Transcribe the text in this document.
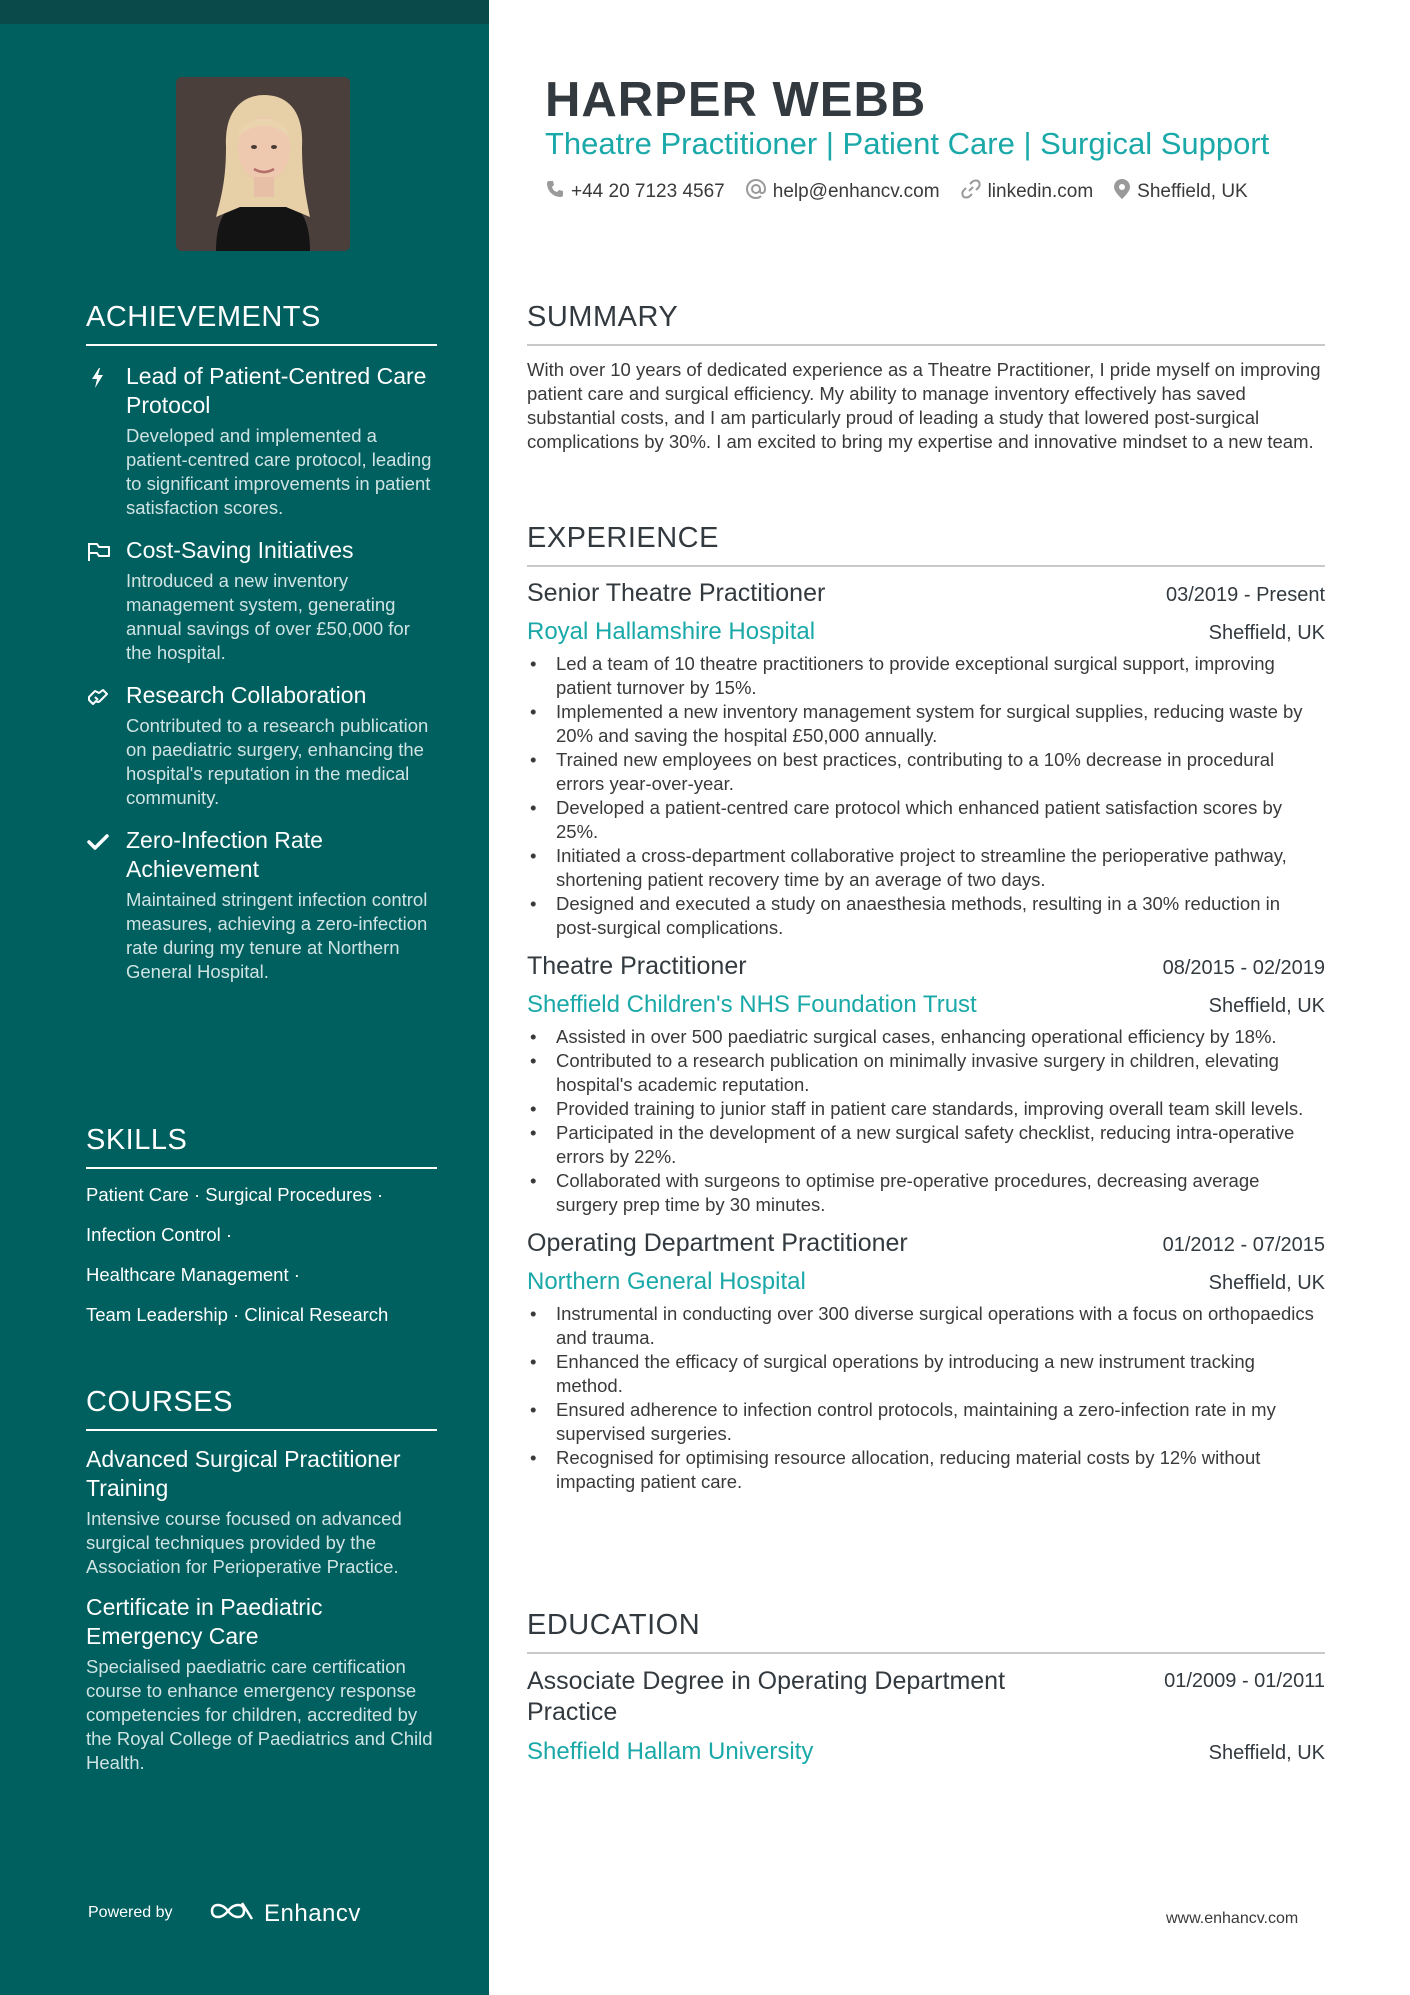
ACHIEVEMENTS
Lead of Patient-Centred Care Protocol
Developed and implemented a patient-centred care protocol, leading to significant improvements in patient satisfaction scores.
Cost-Saving Initiatives
Introduced a new inventory management system, generating annual savings of over £50,000 for the hospital.
Research Collaboration
Contributed to a research publication on paediatric surgery, enhancing the hospital's reputation in the medical community.
Zero-Infection Rate Achievement
Maintained stringent infection control measures, achieving a zero-infection rate during my tenure at Northern General Hospital.
SKILLS
Patient Care · Surgical Procedures ·
Infection Control ·
Healthcare Management ·
Team Leadership · Clinical Research
COURSES
Advanced Surgical Practitioner Training
Intensive course focused on advanced surgical techniques provided by the Association for Perioperative Practice.
Certificate in Paediatric Emergency Care
Specialised paediatric care certification course to enhance emergency response competencies for children, accredited by the Royal College of Paediatrics and Child Health.
Powered by	Enhancv
HARPER WEBB
Theatre Practitioner | Patient Care | Surgical Support
+44 20 7123 4567	help@enhancv.com	linkedin.com Sheffield, UK
SUMMARY
With over 10 years of dedicated experience as a Theatre Practitioner, I pride myself on improving patient care and surgical efficiency. My ability to manage inventory effectively has saved substantial costs, and I am particularly proud of leading a study that lowered post-surgical complications by 30%. I am excited to bring my expertise and innovative mindset to a new team.
EXPERIENCE
Senior Theatre Practitioner	03/2019 - Present
Royal Hallamshire Hospital	Sheffield, UK
• Led a team of 10 theatre practitioners to provide exceptional surgical support, improving patient turnover by 15%.
• Implemented a new inventory management system for surgical supplies, reducing waste by 20% and saving the hospital £50,000 annually.
• Trained new employees on best practices, contributing to a 10% decrease in procedural errors year-over-year.
• Developed a patient-centred care protocol which enhanced patient satisfaction scores by 25%.
• Initiated a cross-department collaborative project to streamline the perioperative pathway, shortening patient recovery time by an average of two days.
• Designed and executed a study on anaesthesia methods, resulting in a 30% reduction in post-surgical complications.
Theatre Practitioner	08/2015 - 02/2019
Sheffield Children's NHS Foundation Trust	Sheffield, UK
• Assisted in over 500 paediatric surgical cases, enhancing operational efficiency by 18%.
• Contributed to a research publication on minimally invasive surgery in children, elevating hospital's academic reputation.
• Provided training to junior staff in patient care standards, improving overall team skill levels.
• Participated in the development of a new surgical safety checklist, reducing intra-operative errors by 22%.
• Collaborated with surgeons to optimise pre-operative procedures, decreasing average surgery prep time by 30 minutes.
Operating Department Practitioner	01/2012 - 07/2015
Northern General Hospital	Sheffield, UK
• Instrumental in conducting over 300 diverse surgical operations with a focus on orthopaedics and trauma.
• Enhanced the efficacy of surgical operations by introducing a new instrument tracking method.
• Ensured adherence to infection control protocols, maintaining a zero-infection rate in my supervised surgeries.
• Recognised for optimising resource allocation, reducing material costs by 12% without impacting patient care.
EDUCATION
Associate Degree in Operating Department Practice
01/2009 - 01/2011
Sheffield Hallam University	Sheffield, UK
www.enhancv.com
